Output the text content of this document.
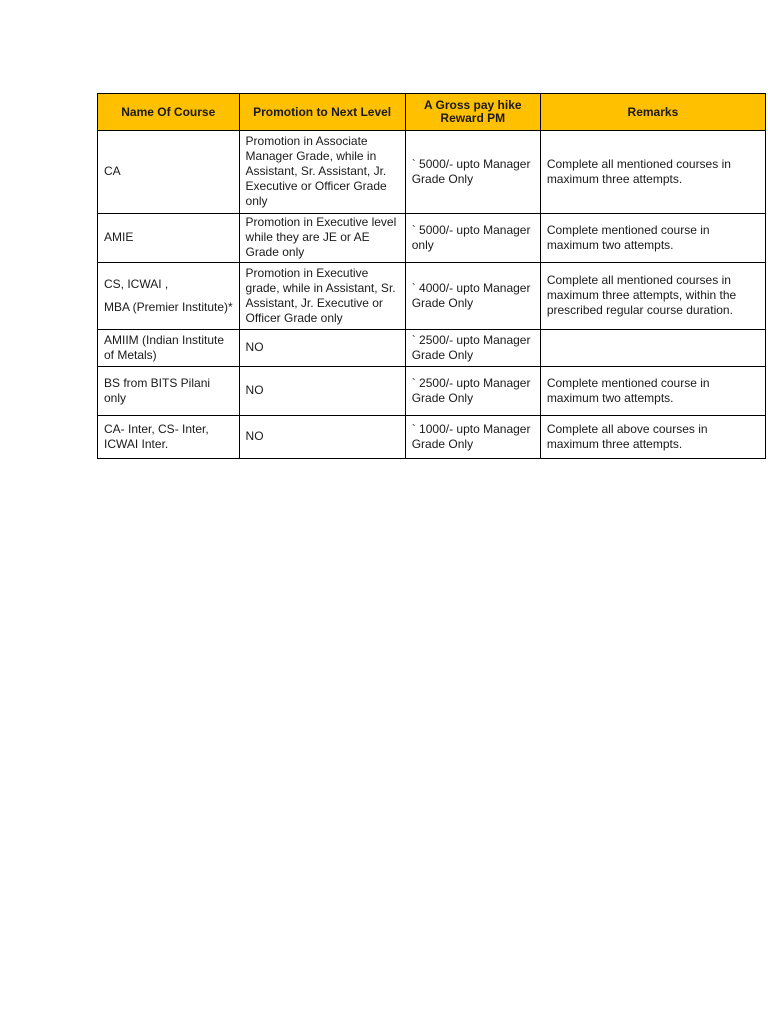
Name Of Course	Promotion to Next Level	A Gross pay hike Reward PM	Remarks

CA	Promotion in Associate Manager Grade, while in Assistant, Sr. Assistant, Jr. Executive or Officer Grade only	` 5000/- upto Manager Grade Only	Complete all mentioned courses in maximum three attempts.

AMIE	Promotion in Executive level while they are JE or AE Grade only	` 5000/- upto Manager only	Complete mentioned course in maximum two attempts.

CS, ICWAI ,
MBA (Premier Institute)*	Promotion in Executive grade, while in Assistant, Sr. Assistant, Jr. Executive or Officer Grade only	` 4000/- upto Manager Grade Only	Complete all mentioned courses in maximum three attempts, within the prescribed regular course duration.

AMIIM (Indian Institute of Metals)	NO	` 2500/- upto Manager Grade Only	

BS from BITS Pilani only	NO	` 2500/- upto Manager Grade Only	Complete mentioned course in maximum two attempts.

CA- Inter, CS- Inter, ICWAI Inter.	NO	` 1000/- upto Manager Grade Only	Complete all above courses in maximum three attempts.
